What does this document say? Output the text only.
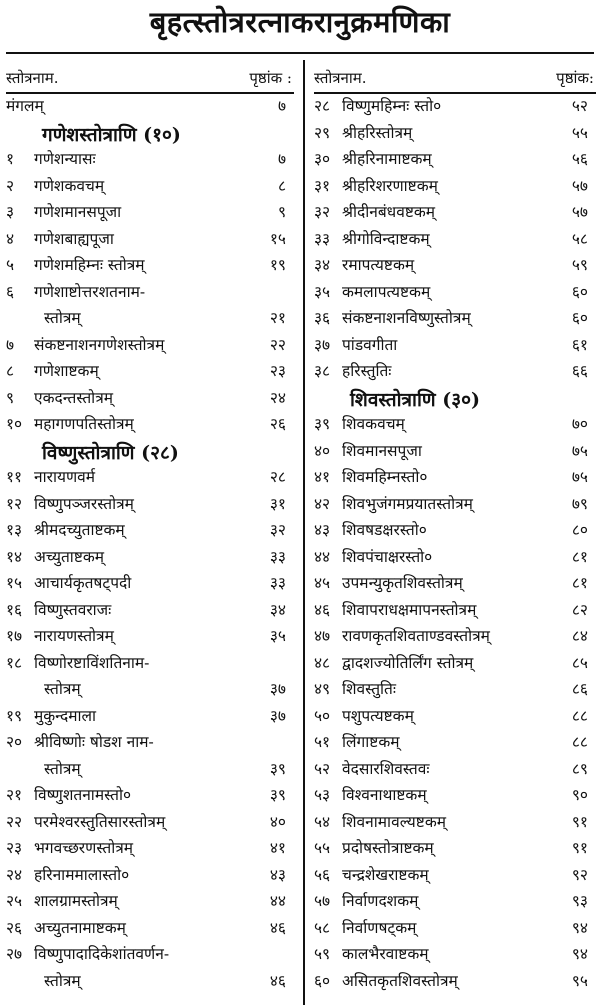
बृहत्स्तोत्ररत्नाकरानुक्रमणिका
स्तोत्रनाम.	पृष्ठांक :
मंगलम्	७
गणेशस्तोत्राणि (१०)
१ गणेशन्यासः	७
२ गणेशकवचम्	८
३ गणेशमानसपूजा	९
४ गणेशबाह्यपूजा	१५
५ गणेशमहिम्नः स्तोत्रम्	१९
६ गणेशाष्टोत्तरशतनाम-
स्तोत्रम्	२१
७ संकष्टनाशनगणेशस्तोत्रम्	२२
८ गणेशाष्टकम्	२३
९ एकदन्तस्तोत्रम्	२४
१० महागणपतिस्तोत्रम्	२६
विष्णुस्तोत्राणि (२८)
११ नारायणवर्म	२८
१२ विष्णुपञ्जरस्तोत्रम्	३१
१३ श्रीमदच्युताष्टकम्	३२
१४ अच्युताष्टकम्	३३
१५ आचार्यकृतषट्पदी	३३
१६ विष्णुस्तवराजः	३४
१७ नारायणस्तोत्रम्	३५
१८ विष्णोरष्टाविंशतिनाम-
स्तोत्रम्	३७
१९ मुकुन्दमाला	३७
२० श्रीविष्णोः षोडश नाम-
स्तोत्रम्	३९
२१ विष्णुशतनामस्तो०	३९
२२ परमेश्वरस्तुतिसारस्तोत्रम्	४०
२३ भगवच्छरणस्तोत्रम्	४१
२४ हरिनाममालास्तो०	४३
२५ शालग्रामस्तोत्रम्	४४
२६ अच्युतनामाष्टकम्	४६
२७ विष्णुपादादिकेशांतवर्णन-
स्तोत्रम्	४६
स्तोत्रनाम.	पृष्ठांक:
२८ विष्णुमहिम्नः स्तो०	५२
२९ श्रीहरिस्तोत्रम्	५५
३० श्रीहरिनामाष्टकम्	५६
३१ श्रीहरिशरणाष्टकम्	५७
३२ श्रीदीनबंधवष्टकम्	५७
३३ श्रीगोविन्दाष्टकम्	५८
३४ रमापत्यष्टकम्	५९
३५ कमलापत्यष्टकम्	६०
३६ संकष्टनाशनविष्णुस्तोत्रम्	६०
३७ पांडवगीता	६१
३८ हरिस्तुतिः	६६
शिवस्तोत्राणि (३०)
३९ शिवकवचम्	७०
४० शिवमानसपूजा	७५
४१ शिवमहिम्नस्तो०	७५
४२ शिवभुजंगमप्रयातस्तोत्रम्	७९
४३ शिवषडक्षरस्तो०	८०
४४ शिवपंचाक्षरस्तो०	८१
४५ उपमन्युकृतशिवस्तोत्रम्	८१
४६ शिवापराधक्षमापनस्तोत्रम्	८२
४७ रावणकृतशिवताण्डवस्तोत्रम्	८४
४८ द्वादशज्योतिर्लिंग स्तोत्रम्	८५
४९ शिवस्तुतिः	८६
५० पशुपत्यष्टकम्	८८
५१ लिंगाष्टकम्	८८
५२ वेदसारशिवस्तवः	८९
५३ विश्वनाथाष्टकम्	९०
५४ शिवनामावल्यष्टकम्	९१
५५ प्रदोषस्तोत्राष्टकम्	९१
५६ चन्द्रशेखराष्टकम्	९२
५७ निर्वाणदशकम्	९३
५८ निर्वाणषट्कम्	९४
५९ कालभैरवाष्टकम्	९४
६० असितकृतशिवस्तोत्रम्	९५
